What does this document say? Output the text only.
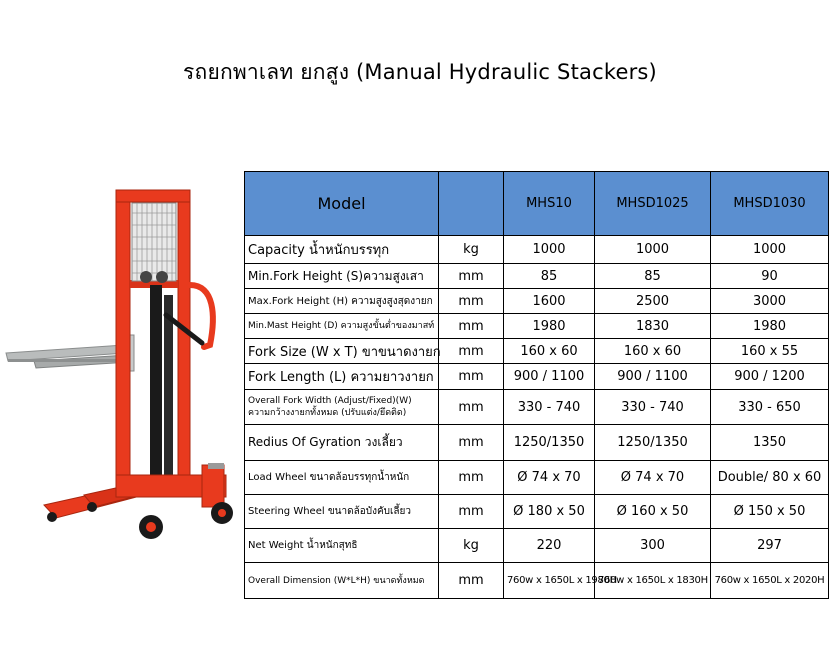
รถยกพาเลท ยกสูง (Manual Hydraulic Stackers)
Model		MHS10	MHSD1025	MHSD1030
Capacity น้ำหนักบรรทุก	kg	1000	1000	1000
Min.Fork Height (S)ความสูงเสา	mm	85	85	90
Max.Fork Height (H) ความสูงสูงสุดงายก	mm	1600	2500	3000
Min.Mast Height (D) ความสูงขั้นต่ำของมาสท์	mm	1980	1830	1980
Fork Size (W x T) ขาขนาดงายก	mm	160 x 60	160 x 60	160 x 55
Fork Length (L) ความยาวงายก	mm	900 / 1100	900 / 1100	900 / 1200

Overall Fork Width (Adjust/Fixed)(W)
ความกว้างงายกทั้งหมด (ปรับแต่ง/ยึดติด)	mm	330 - 740	330 - 740	330 - 650
Redius Of Gyration วงเลี้ยว	mm	1250/1350	1250/1350	1350
Load Wheel ขนาดล้อบรรทุกน้ำหนัก	mm	Ø 74 x 70	Ø 74 x 70	Double/ 80 x 60
Steering Wheel ขนาดล้อบังคับเลี้ยว	mm	Ø 180 x 50	Ø 160 x 50	Ø 150 x 50
Net Weight น้ำหนักสุทธิ	kg	220	300	297
Overall Dimension (W*L*H) ขนาดทั้งหมด	mm	760w x 1650L x 1980H	760w x 1650L x 1830H	760w x 1650L x 2020H
